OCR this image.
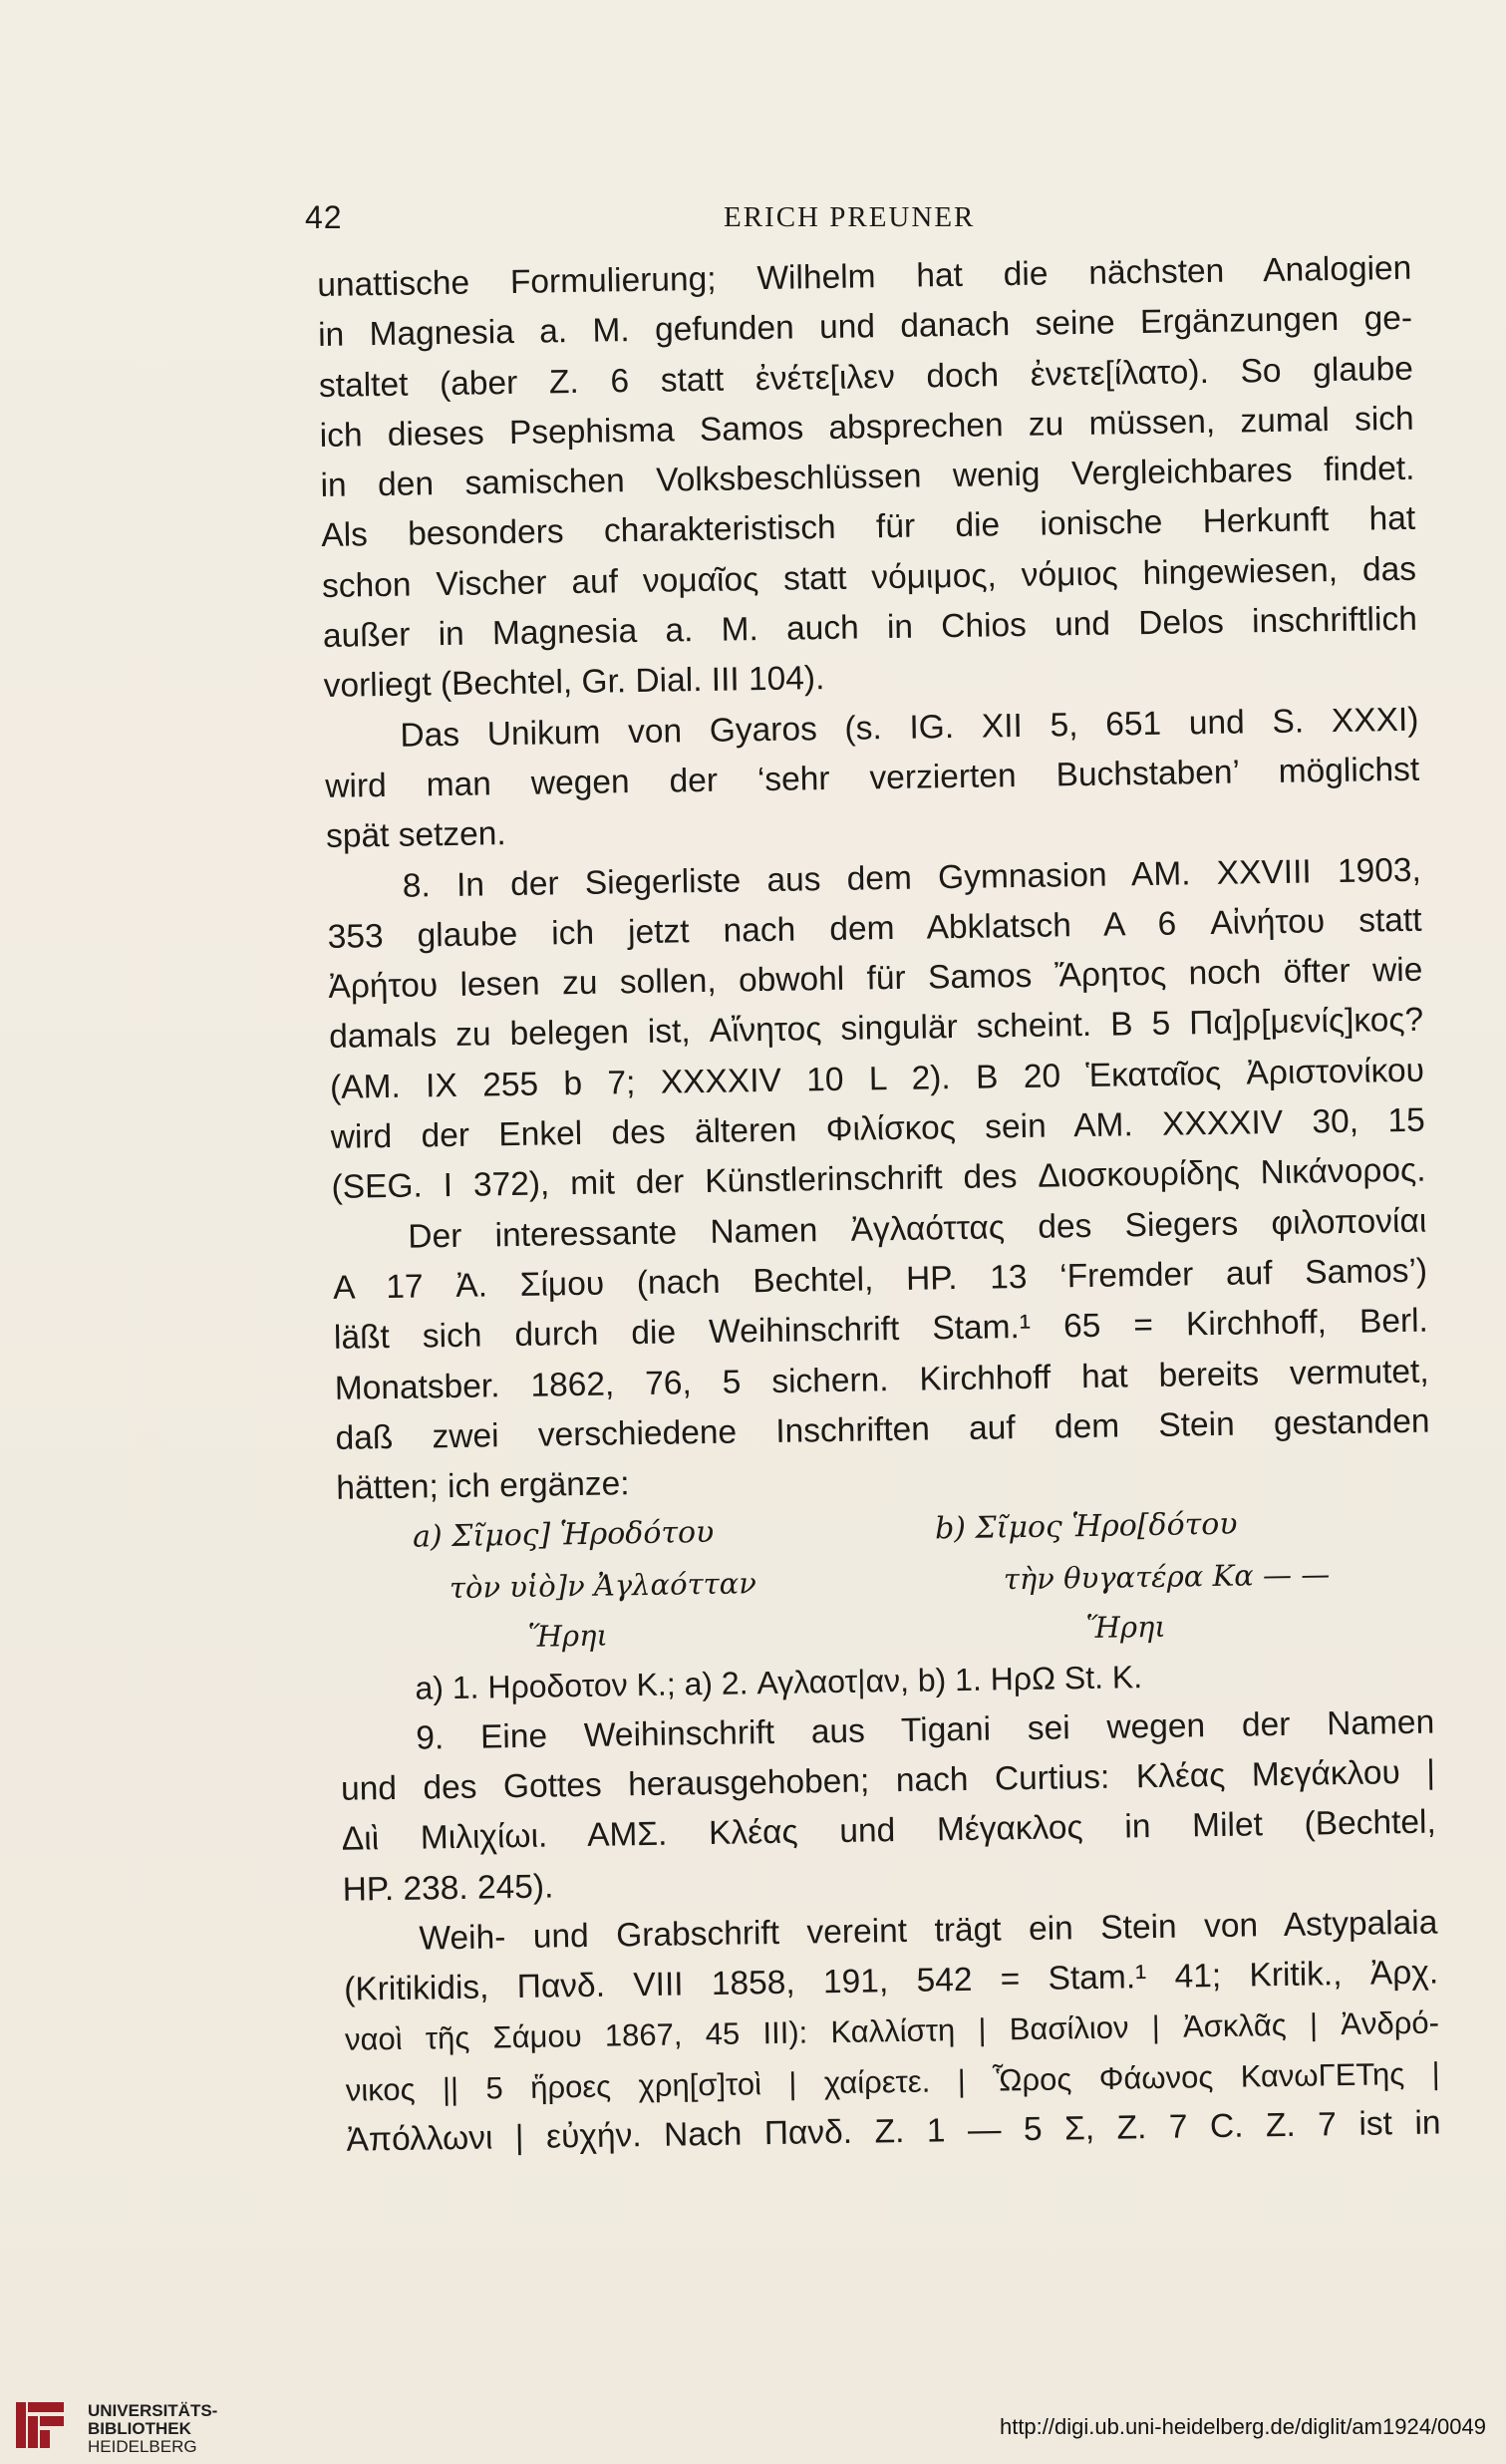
42	ERICH PREUNER
unattische Formulierung; Wilhelm hat die nächsten Analogien
in Magnesia a. M. gefunden und danach seine Ergänzungen ge-
staltet (aber Z. 6 statt ἐνέτε[ιλεν doch ἐνετε[ίλατο). So glaube
ich dieses Psephisma Samos absprechen zu müssen, zumal sich
in den samischen Volksbeschlüssen wenig Vergleichbares findet.
Als besonders charakteristisch für die ionische Herkunft hat
schon Vischer auf νομαῖος statt νόμιμος, νόμιος hingewiesen, das
außer in Magnesia a. M. auch in Chios und Delos inschriftlich
vorliegt (Bechtel, Gr. Dial. III 104).
Das Unikum von Gyaros (s. IG. XII 5, 651 und S. XXXI)
wird man wegen der ‘sehr verzierten Buchstaben’ möglichst
spät setzen.
8. In der Siegerliste aus dem Gymnasion AM. XXVIII 1903,
353 glaube ich jetzt nach dem Abklatsch A 6 Αἰνήτου statt
Ἀρήτου lesen zu sollen, obwohl für Samos Ἄρητος noch öfter wie
damals zu belegen ist, Αἴνητος singulär scheint. B 5 Πα]ρ[μενίς]κος?
(AM. IX 255 b 7; XXXXIV 10 L 2). B 20 Ἑκαταῖος Ἀριστονίκου
wird der Enkel des älteren Φιλίσκος sein AM. XXXXIV 30, 15
(SEG. I 372), mit der Künstlerinschrift des Διοσκουρίδης Νικάνορος.
Der interessante Namen Ἀγλαόττας des Siegers φιλοπονίαι
A 17 Ἀ. Σίμου (nach Bechtel, HP. 13 ‘Fremder auf Samos’)
läßt sich durch die Weihinschrift Stam.¹ 65 = Kirchhoff, Berl.
Monatsber. 1862, 76, 5 sichern. Kirchhoff hat bereits vermutet,
daß zwei verschiedene Inschriften auf dem Stein gestanden
hätten; ich ergänze:
a) Σῖμος] Ἡροδότου	b) Σῖμος Ἡρο[δότου
τὸν υἱὸ]ν Ἀγλαότταν	τὴν θυγατέρα Κα — —
Ἥρηι	Ἥρηι
a) 1. Ηροδοτον Κ.; a) 2. Αγλαοτ|αν, b) 1. ΗρΩ St. K.
9. Eine Weihinschrift aus Tigani sei wegen der Namen
und des Gottes herausgehoben; nach Curtius: Κλέας Μεγάκλου |
Διὶ Μιλιχίωι. ΑΜΣ. Κλέας und Μέγακλος in Milet (Bechtel,
HP. 238. 245).
Weih- und Grabschrift vereint trägt ein Stein von Astypalaia
(Kritikidis, Πανδ. VIII 1858, 191, 542 = Stam.¹ 41; Kritik., Ἀρχ.
ναοὶ τῆς Σάμου 1867, 45 III): Καλλίστη | Βασίλιον | Ἀσκλᾶς | Ἀνδρό-
νικος || 5 ἥροες χρη[σ]τοὶ | χαίρετε. | Ὧρος Φάωνος ΚανωΓΕΤης |
Ἀπόλλωνι | εὐχήν. Nach Πανδ. Z. 1 — 5 Σ, Z. 7 C. Z. 7 ist in
UNIVERSITÄTS-
BIBLIOTHEK
HEIDELBERG
http://digi.ub.uni-heidelberg.de/diglit/am1924/0049
